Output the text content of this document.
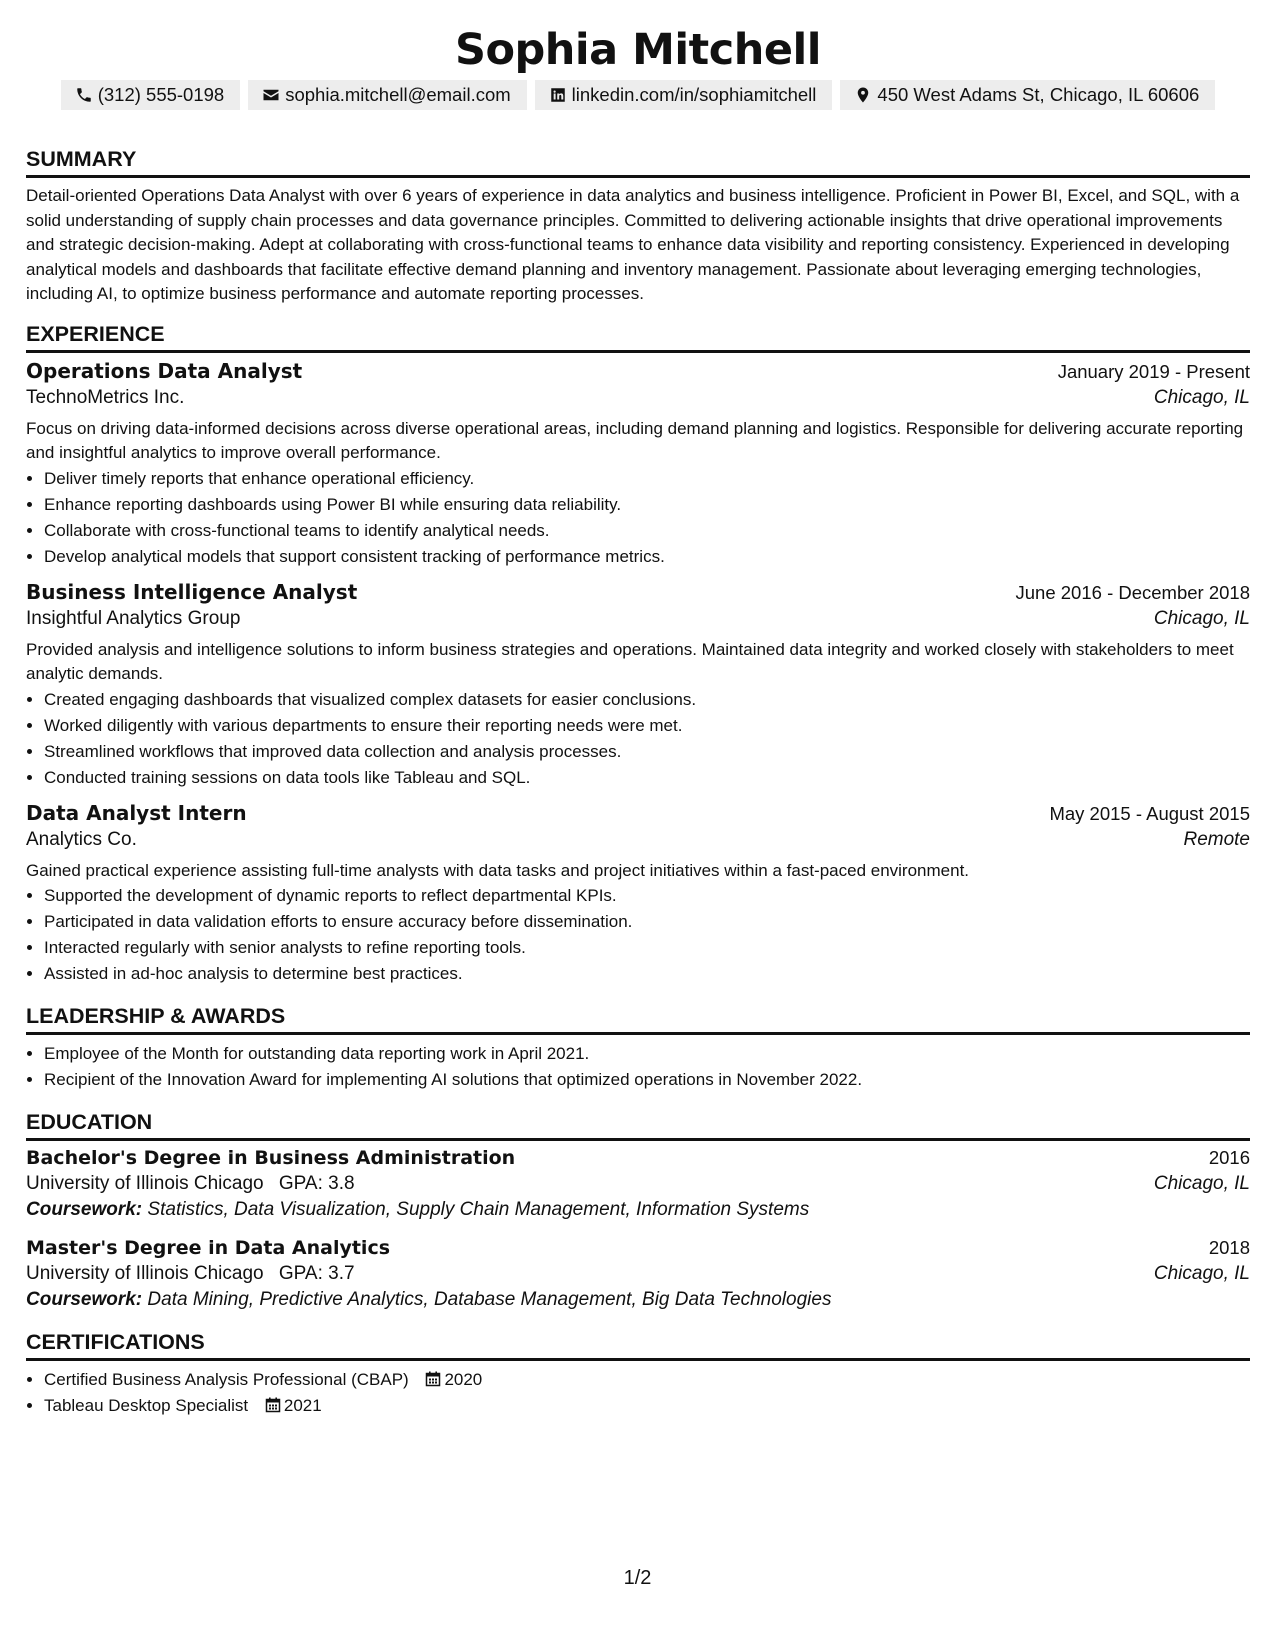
Sophia Mitchell
(312) 555-0198	sophia.mitchell@email.com	linkedin.com/in/sophiamitchell	450 West Adams St, Chicago, IL 60606
SUMMARY

Detail-oriented Operations Data Analyst with over 6 years of experience in data analytics and business intelligence. Proficient in Power BI, Excel, and SQL, with a solid understanding of supply chain processes and data governance principles. Committed to delivering actionable insights that drive operational improvements and strategic decision-making. Adept at collaborating with cross-functional teams to enhance data visibility and reporting consistency. Experienced in developing analytical models and dashboards that facilitate effective demand planning and inventory management. Passionate about leveraging emerging technologies, including AI, to optimize business performance and automate reporting processes.

EXPERIENCE
Operations Data Analyst	January 2019 - Present
TechnoMetrics Inc.	Chicago, IL
Focus on driving data-informed decisions across diverse operational areas, including demand planning and logistics. Responsible for delivering accurate reporting and insightful analytics to improve overall performance.
• Deliver timely reports that enhance operational efficiency.
• Enhance reporting dashboards using Power BI while ensuring data reliability.
• Collaborate with cross-functional teams to identify analytical needs.
• Develop analytical models that support consistent tracking of performance metrics.
Business Intelligence Analyst	June 2016 - December 2018
Insightful Analytics Group	Chicago, IL
Provided analysis and intelligence solutions to inform business strategies and operations. Maintained data integrity and worked closely with stakeholders to meet analytic demands.
• Created engaging dashboards that visualized complex datasets for easier conclusions.
• Worked diligently with various departments to ensure their reporting needs were met.
• Streamlined workflows that improved data collection and analysis processes.
• Conducted training sessions on data tools like Tableau and SQL.
Data Analyst Intern	May 2015 - August 2015
Analytics Co.	Remote
Gained practical experience assisting full-time analysts with data tasks and project initiatives within a fast-paced environment.
• Supported the development of dynamic reports to reflect departmental KPIs.
• Participated in data validation efforts to ensure accuracy before dissemination.
• Interacted regularly with senior analysts to refine reporting tools.
• Assisted in ad-hoc analysis to determine best practices.
LEADERSHIP & AWARDS
• Employee of the Month for outstanding data reporting work in April 2021.
• Recipient of the Innovation Award for implementing AI solutions that optimized operations in November 2022.
EDUCATION
Bachelor's Degree in Business Administration	2016
University of Illinois Chicago GPA: 3.8	Chicago, IL
Coursework: Statistics, Data Visualization, Supply Chain Management, Information Systems
Master's Degree in Data Analytics	2018
University of Illinois Chicago GPA: 3.7	Chicago, IL
Coursework: Data Mining, Predictive Analytics, Database Management, Big Data Technologies
CERTIFICATIONS
• Certified Business Analysis Professional (CBAP) 2020
• Tableau Desktop Specialist 2021
1/2
